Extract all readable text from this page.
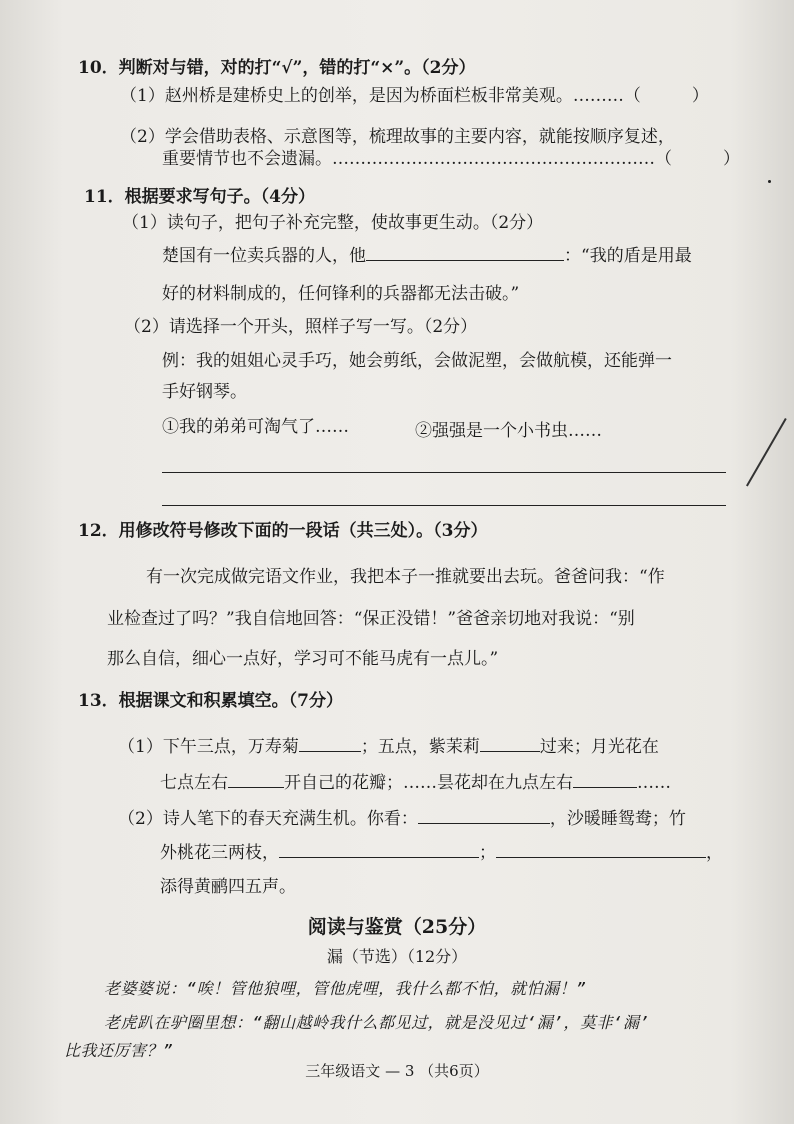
10．判断对与错，对的打“√”，错的打“×”。（2分）
（1）赵州桥是建桥史上的创举，是因为桥面栏板非常美观。………（　　　）
（2）学会借助表格、示意图等，梳理故事的主要内容，就能按顺序复述，
重要情节也不会遗漏。…………………………………………………（　　　）
11．根据要求写句子。（4分）
（1）读句子，把句子补充完整，使故事更生动。（2分）
楚国有一位卖兵器的人，他	：“我的盾是用最
好的材料制成的，任何锋利的兵器都无法击破。”
（2）请选择一个开头，照样子写一写。（2分）
例：我的姐姐心灵手巧，她会剪纸，会做泥塑，会做航模，还能弹一
手好钢琴。
①我的弟弟可淘气了……	②强强是一个小书虫……
12．用修改符号修改下面的一段话（共三处）。（3分）
有一次完成做完语文作业，我把本子一推就要出去玩。爸爸问我：“作
业检查过了吗？”我自信地回答：“保正没错！”爸爸亲切地对我说：“别
那么自信，细心一点好，学习可不能马虎有一点儿。”
13．根据课文和积累填空。（7分）
（1）下午三点，万寿菊	；五点，紫茉莉	过来；月光花在
七点左右	开自己的花瓣；……昙花却在九点左右	……
（2）诗人笔下的春天充满生机。你看：	，沙暖睡鸳鸯；竹
外桃花三两枝，	；	，
添得黄鹂四五声。
阅读与鉴赏（25分）
漏（节选）（12分）
老婆婆说：“唉！管他狼哩，管他虎哩，我什么都不怕，就怕漏！”
老虎趴在驴圈里想：“翻山越岭我什么都见过，就是没见过‘漏’，莫非‘漏’
比我还厉害？”
三年级语文 — 3 （共6页）
